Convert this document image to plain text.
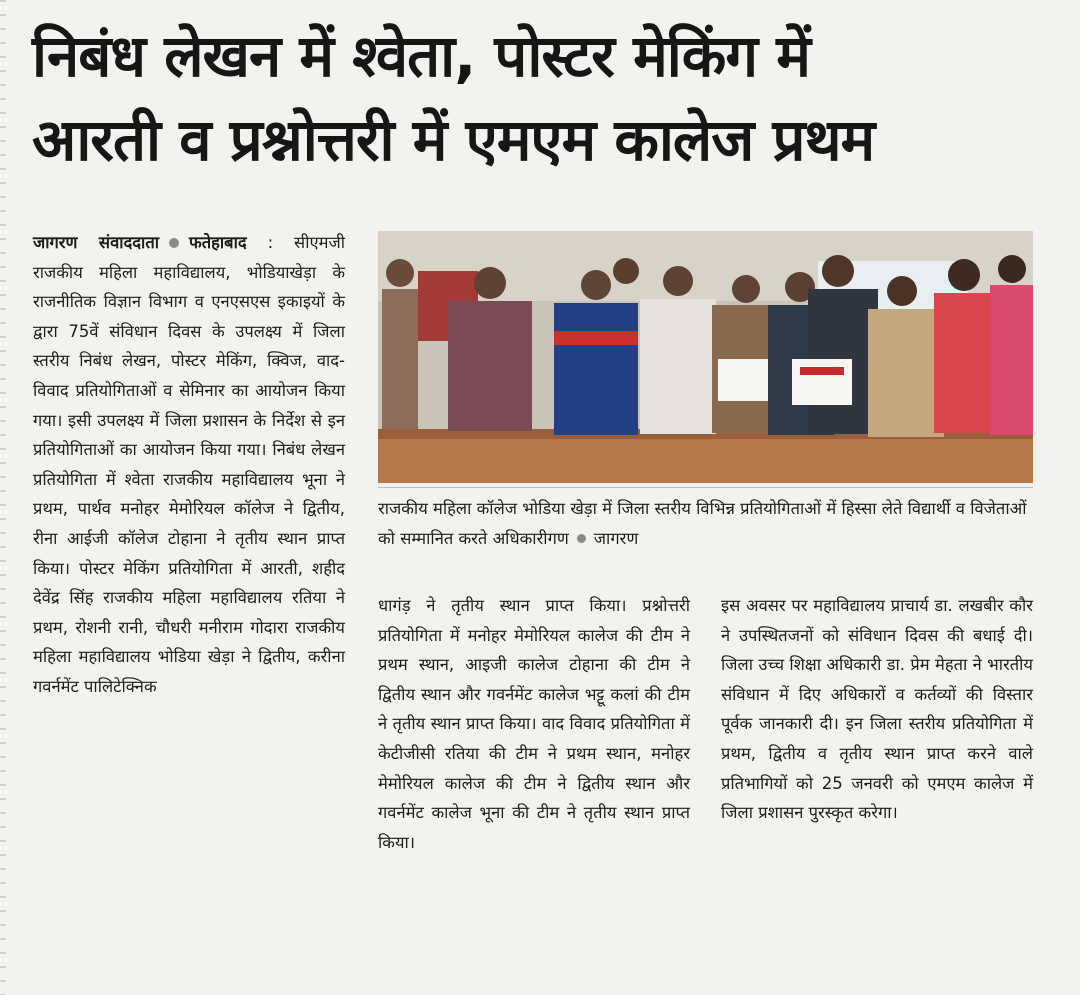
निबंध लेखन में श्वेता, पोस्टर मेकिंग में
आरती व प्रश्नोत्तरी में एमएम कालेज प्रथम

जागरण संवाददाता फतेहाबाद : सीएमजी राजकीय महिला महाविद्यालय, भोडियाखेड़ा के राजनीतिक विज्ञान विभाग व एनएसएस इकाइयों के द्वारा 75वें संविधान दिवस के उपलक्ष्य में जिला स्तरीय निबंध लेखन, पोस्टर मेकिंग, क्विज, वाद-विवाद प्रतियोगिताओं व सेमिनार का आयोजन किया गया। इसी उपलक्ष्य में जिला प्रशासन के निर्देश से इन प्रतियोगिताओं का आयोजन किया गया। निबंध लेखन प्रतियोगिता में श्वेता राजकीय महाविद्यालय भूना ने प्रथम, पार्थव मनोहर मेमोरियल कॉलेज ने द्वितीय, रीना आईजी कॉलेज टोहाना ने तृतीय स्थान प्राप्त किया। पोस्टर मेकिंग प्रतियोगिता में आरती, शहीद देवेंद्र सिंह राजकीय महिला महाविद्यालय रतिया ने प्रथम, रोशनी रानी, चौधरी मनीराम गोदारा राजकीय महिला महाविद्यालय भोडिया खेड़ा ने द्वितीय, करीना गवर्नमेंट पालिटेक्निक

राजकीय महिला कॉलेज भोडिया खेड़ा में जिला स्तरीय विभिन्न प्रतियोगिताओं में हिस्सा लेते विद्यार्थी व विजेताओं को सम्मानित करते अधिकारीगण जागरण

धागंड़ ने तृतीय स्थान प्राप्त किया। प्रश्नोत्तरी प्रतियोगिता में मनोहर मेमोरियल कालेज की टीम ने प्रथम स्थान, आइजी कालेज टोहाना की टीम ने द्वितीय स्थान और गवर्नमेंट कालेज भट्टू कलां की टीम ने तृतीय स्थान प्राप्त किया। वाद विवाद प्रतियोगिता में केटीजीसी रतिया की टीम ने प्रथम स्थान, मनोहर मेमोरियल कालेज की टीम ने द्वितीय स्थान और गवर्नमेंट कालेज भूना की टीम ने तृतीय स्थान प्राप्त किया।

इस अवसर पर महाविद्यालय प्राचार्य डा. लखबीर कौर ने उपस्थितजनों को संविधान दिवस की बधाई दी। जिला उच्च शिक्षा अधिकारी डा. प्रेम मेहता ने भारतीय संविधान में दिए अधिकारों व कर्तव्यों की विस्तार पूर्वक जानकारी दी। इन जिला स्तरीय प्रतियोगिता में प्रथम, द्वितीय व तृतीय स्थान प्राप्त करने वाले प्रतिभागियों को 25 जनवरी को एमएम कालेज में जिला प्रशासन पुरस्कृत करेगा।
